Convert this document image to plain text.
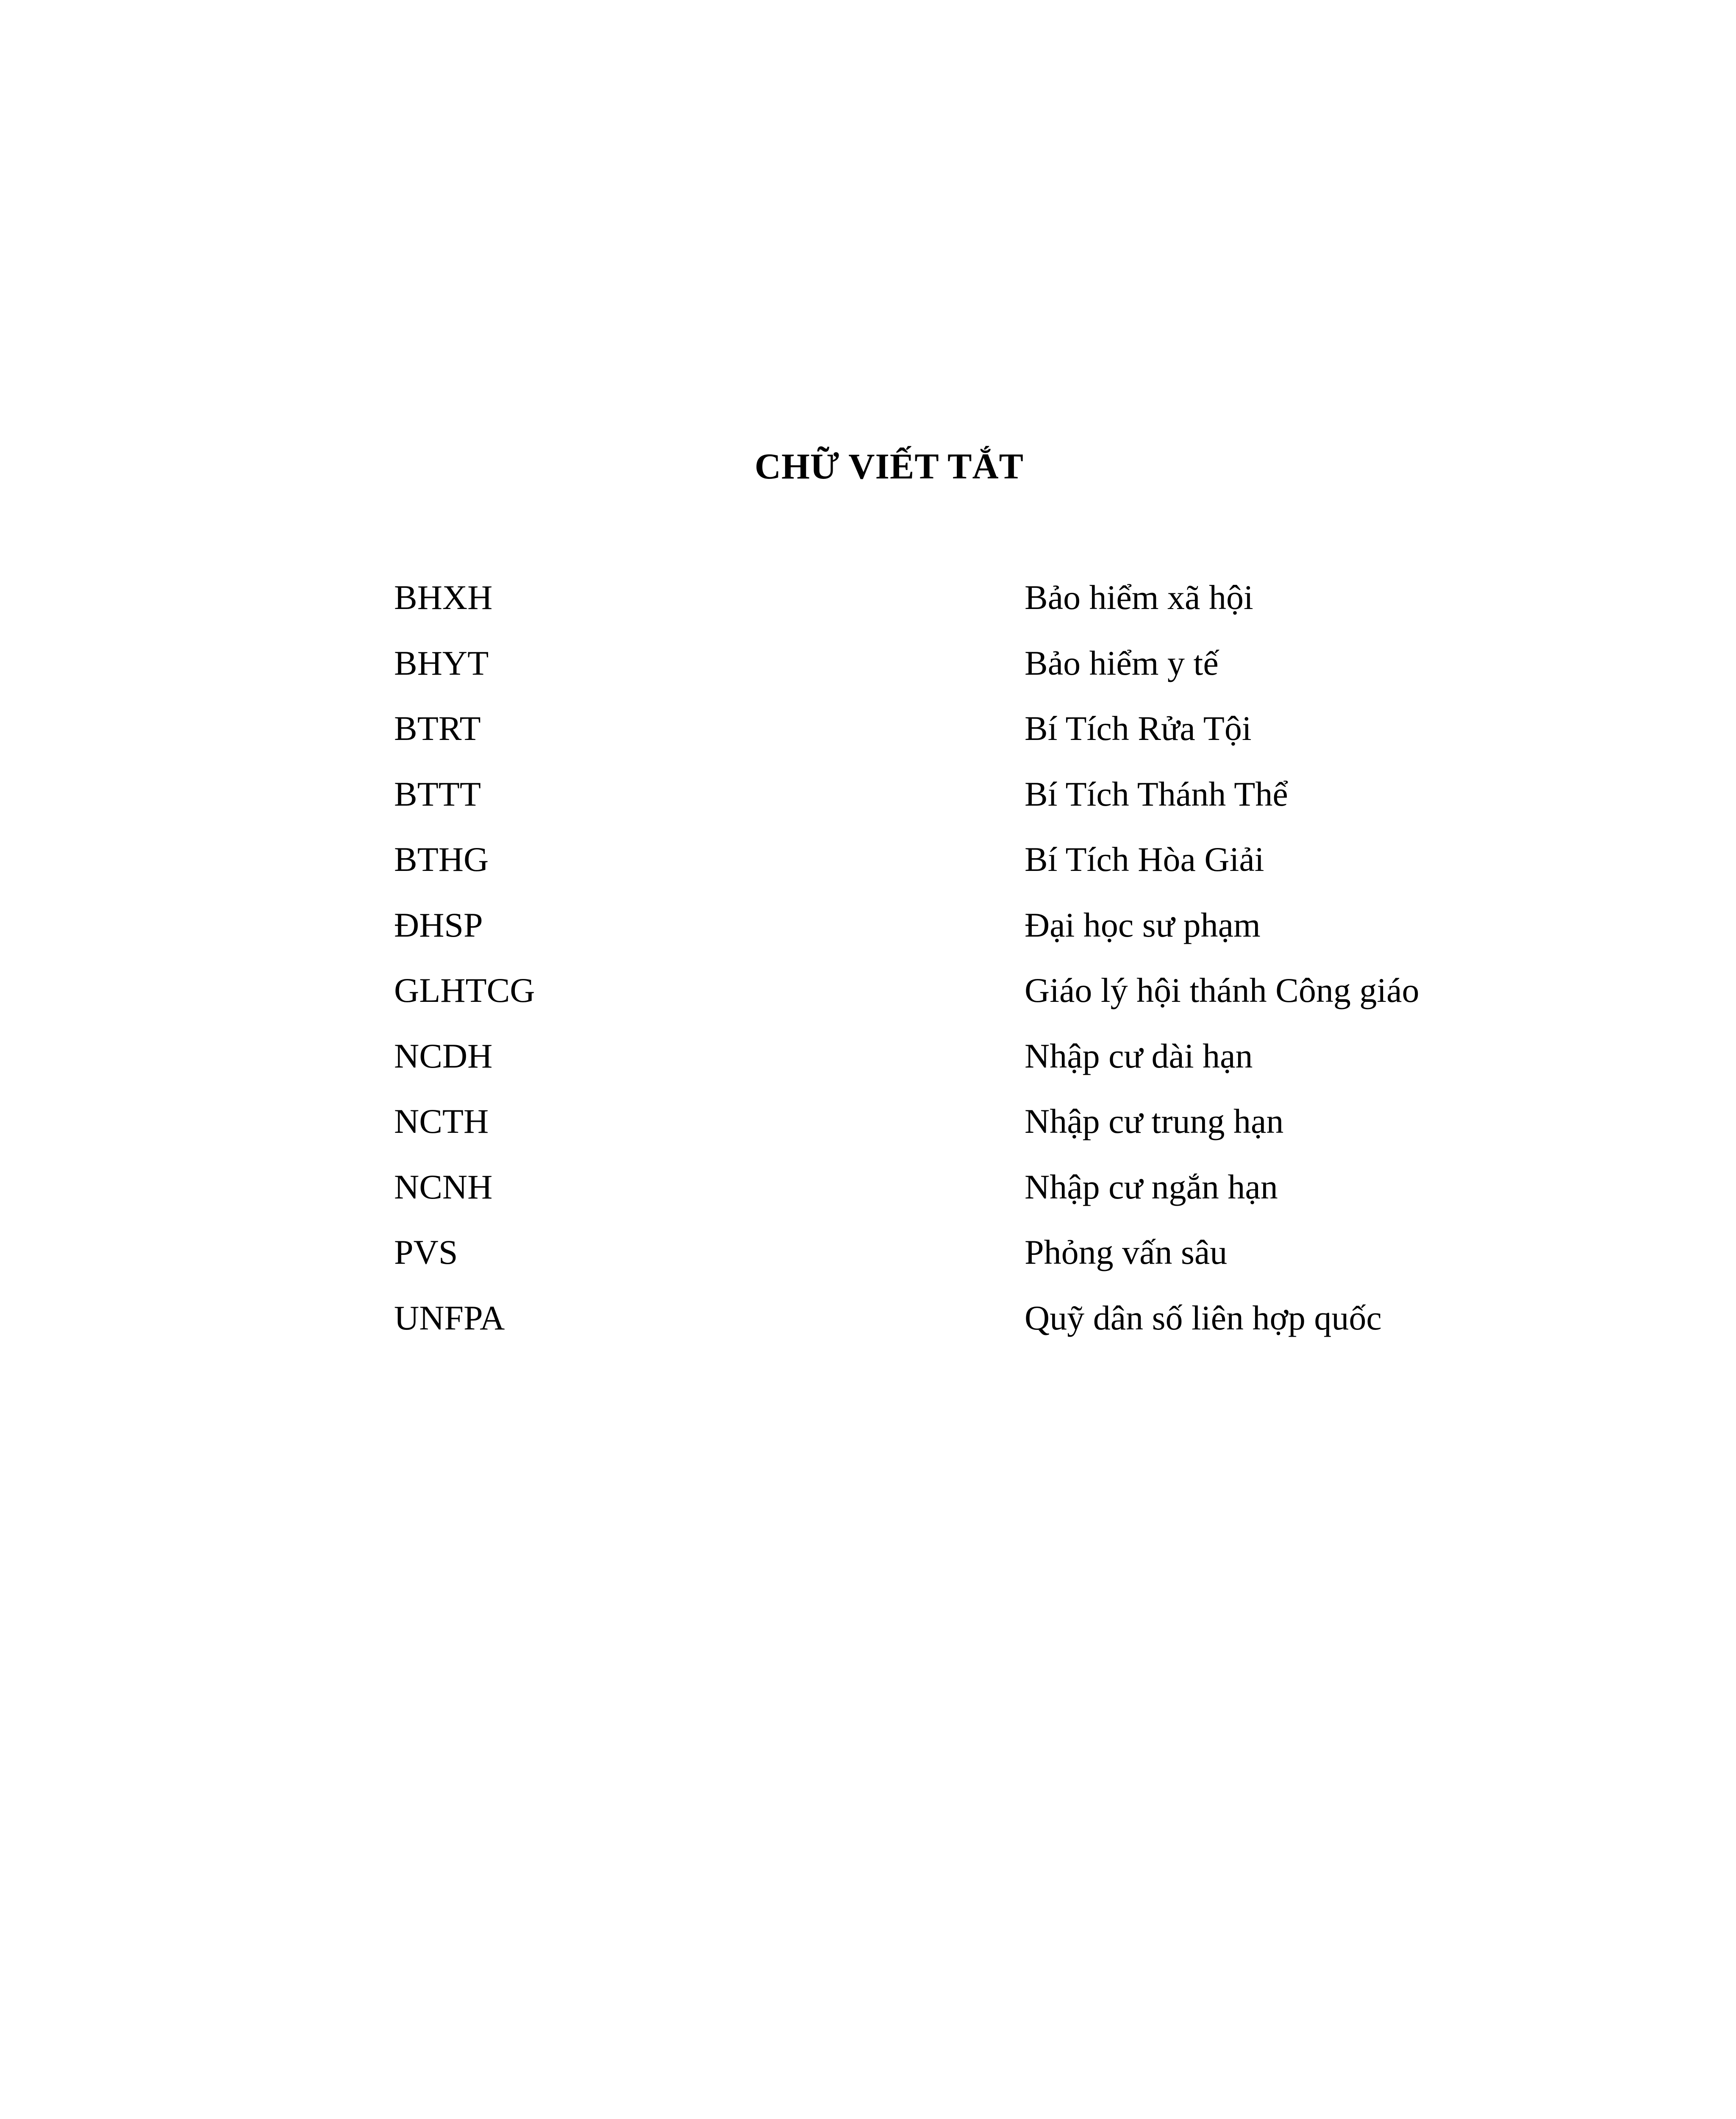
CHỮ VIẾT TẮT
BHXH	Bảo hiểm xã hội
BHYT	Bảo hiểm y tế
BTRT	Bí Tích Rửa Tội
BTTT	Bí Tích Thánh Thể
BTHG	Bí Tích Hòa Giải
ĐHSP	Đại học sư phạm
GLHTCG	Giáo lý hội thánh Công giáo
NCDH	Nhập cư dài hạn
NCTH	Nhập cư trung hạn
NCNH	Nhập cư ngắn hạn
PVS	Phỏng vấn sâu
UNFPA	Quỹ dân số liên hợp quốc
